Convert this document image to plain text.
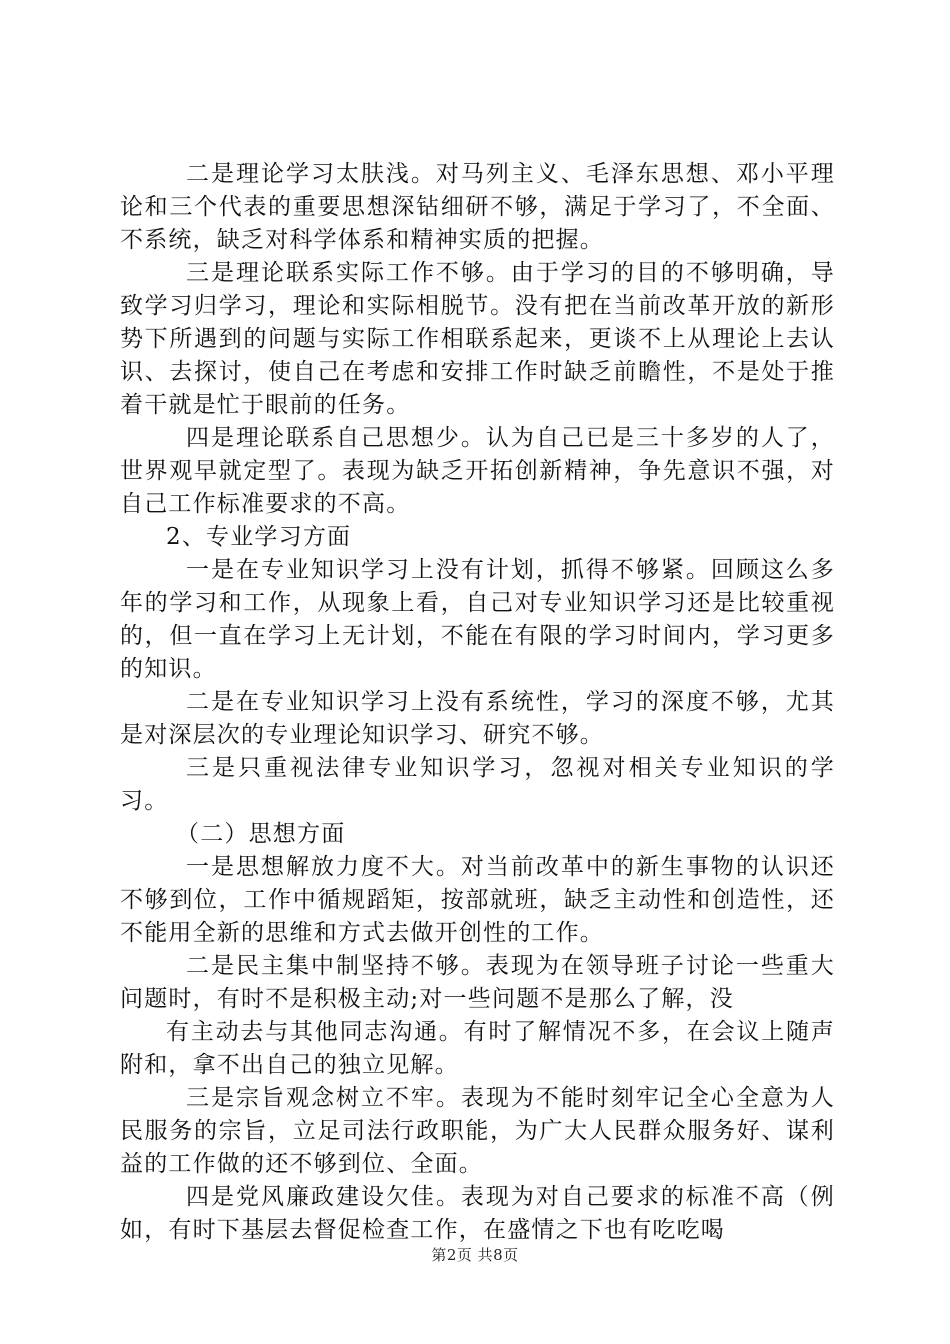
二是理论学习太肤浅。对马列主义、毛泽东思想、邓小平理论和三个代表的重要思想深钻细研不够，满足于学习了，不全面、不系统，缺乏对科学体系和精神实质的把握。

三是理论联系实际工作不够。由于学习的目的不够明确，导致学习归学习，理论和实际相脱节。没有把在当前改革开放的新形势下所遇到的问题与实际工作相联系起来，更谈不上从理论上去认识、去探讨，使自己在考虑和安排工作时缺乏前瞻性，不是处于推着干就是忙于眼前的任务。

四是理论联系自己思想少。认为自己已是三十多岁的人了，世界观早就定型了。表现为缺乏开拓创新精神，争先意识不强，对自己工作标准要求的不高。

2、专业学习方面

一是在专业知识学习上没有计划，抓得不够紧。回顾这么多年的学习和工作，从现象上看，自己对专业知识学习还是比较重视的，但一直在学习上无计划，不能在有限的学习时间内，学习更多的知识。

二是在专业知识学习上没有系统性，学习的深度不够，尤其是对深层次的专业理论知识学习、研究不够。

三是只重视法律专业知识学习，忽视对相关专业知识的学习。

（二）思想方面

一是思想解放力度不大。对当前改革中的新生事物的认识还不够到位，工作中循规蹈矩，按部就班，缺乏主动性和创造性，还不能用全新的思维和方式去做开创性的工作。

二是民主集中制坚持不够。表现为在领导班子讨论一些重大问题时，有时不是积极主动;对一些问题不是那么了解，没

有主动去与其他同志沟通。有时了解情况不多，在会议上随声附和，拿不出自己的独立见解。

三是宗旨观念树立不牢。表现为不能时刻牢记全心全意为人民服务的宗旨，立足司法行政职能，为广大人民群众服务好、谋利益的工作做的还不够到位、全面。

四是党风廉政建设欠佳。表现为对自己要求的标准不高（例如，有时下基层去督促检查工作，在盛情之下也有吃吃喝

第2页 共8页
